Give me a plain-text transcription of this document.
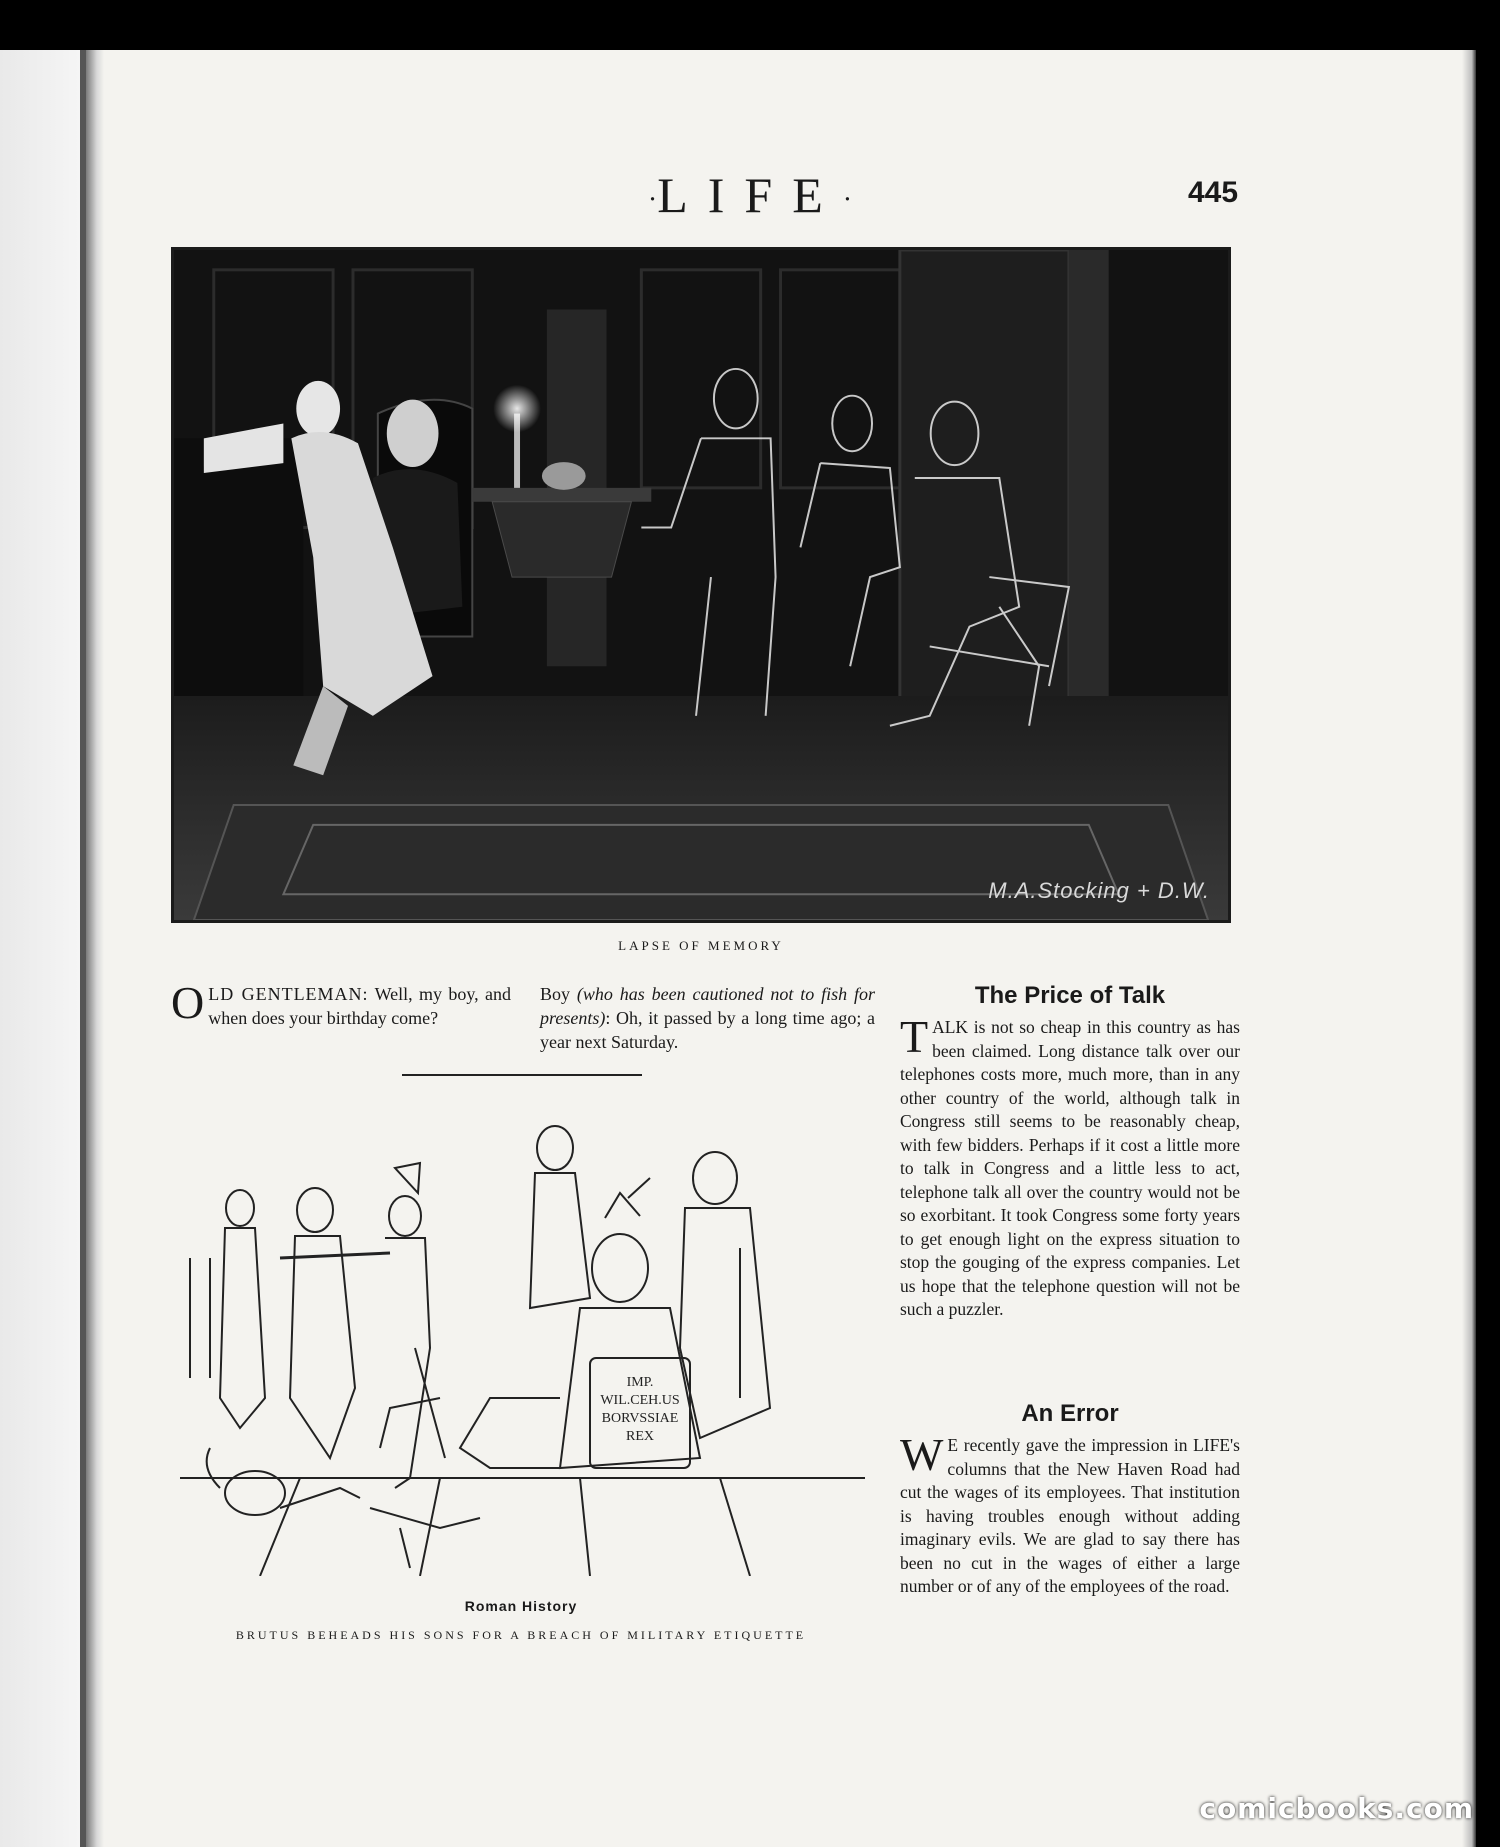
·LIFE·	445
M.A.Stocking + D.W.
LAPSE OF MEMORY
OLD GENTLEMAN: Well, my boy, and when does your birthday come?
Boy (who has been cautioned not to fish for presents): Oh, it passed by a long time ago; a year next Saturday.
IMP.
WIL.CEH.US
BORVSSIAE
REX
Roman History
BRUTUS BEHEADS HIS SONS FOR A BREACH OF MILITARY ETIQUETTE
The Price of Talk
TALK is not so cheap in this country as has been claimed. Long distance talk over our telephones costs more, much more, than in any other country of the world, although talk in Congress still seems to be reasonably cheap, with few bidders. Perhaps if it cost a little more to talk in Congress and a little less to act, telephone talk all over the country would not be so exorbitant. It took Congress some forty years to get enough light on the express situation to stop the gouging of the express companies. Let us hope that the telephone question will not be such a puzzler.
An Error
W E recently gave the impression in LIFE's columns that the New Haven Road had cut the wages of its employees. That institution is having troubles enough without adding imaginary evils. We are glad to say there has been no cut in the wages of either a large number or of any of the employees of the road.
comicbooks.com
